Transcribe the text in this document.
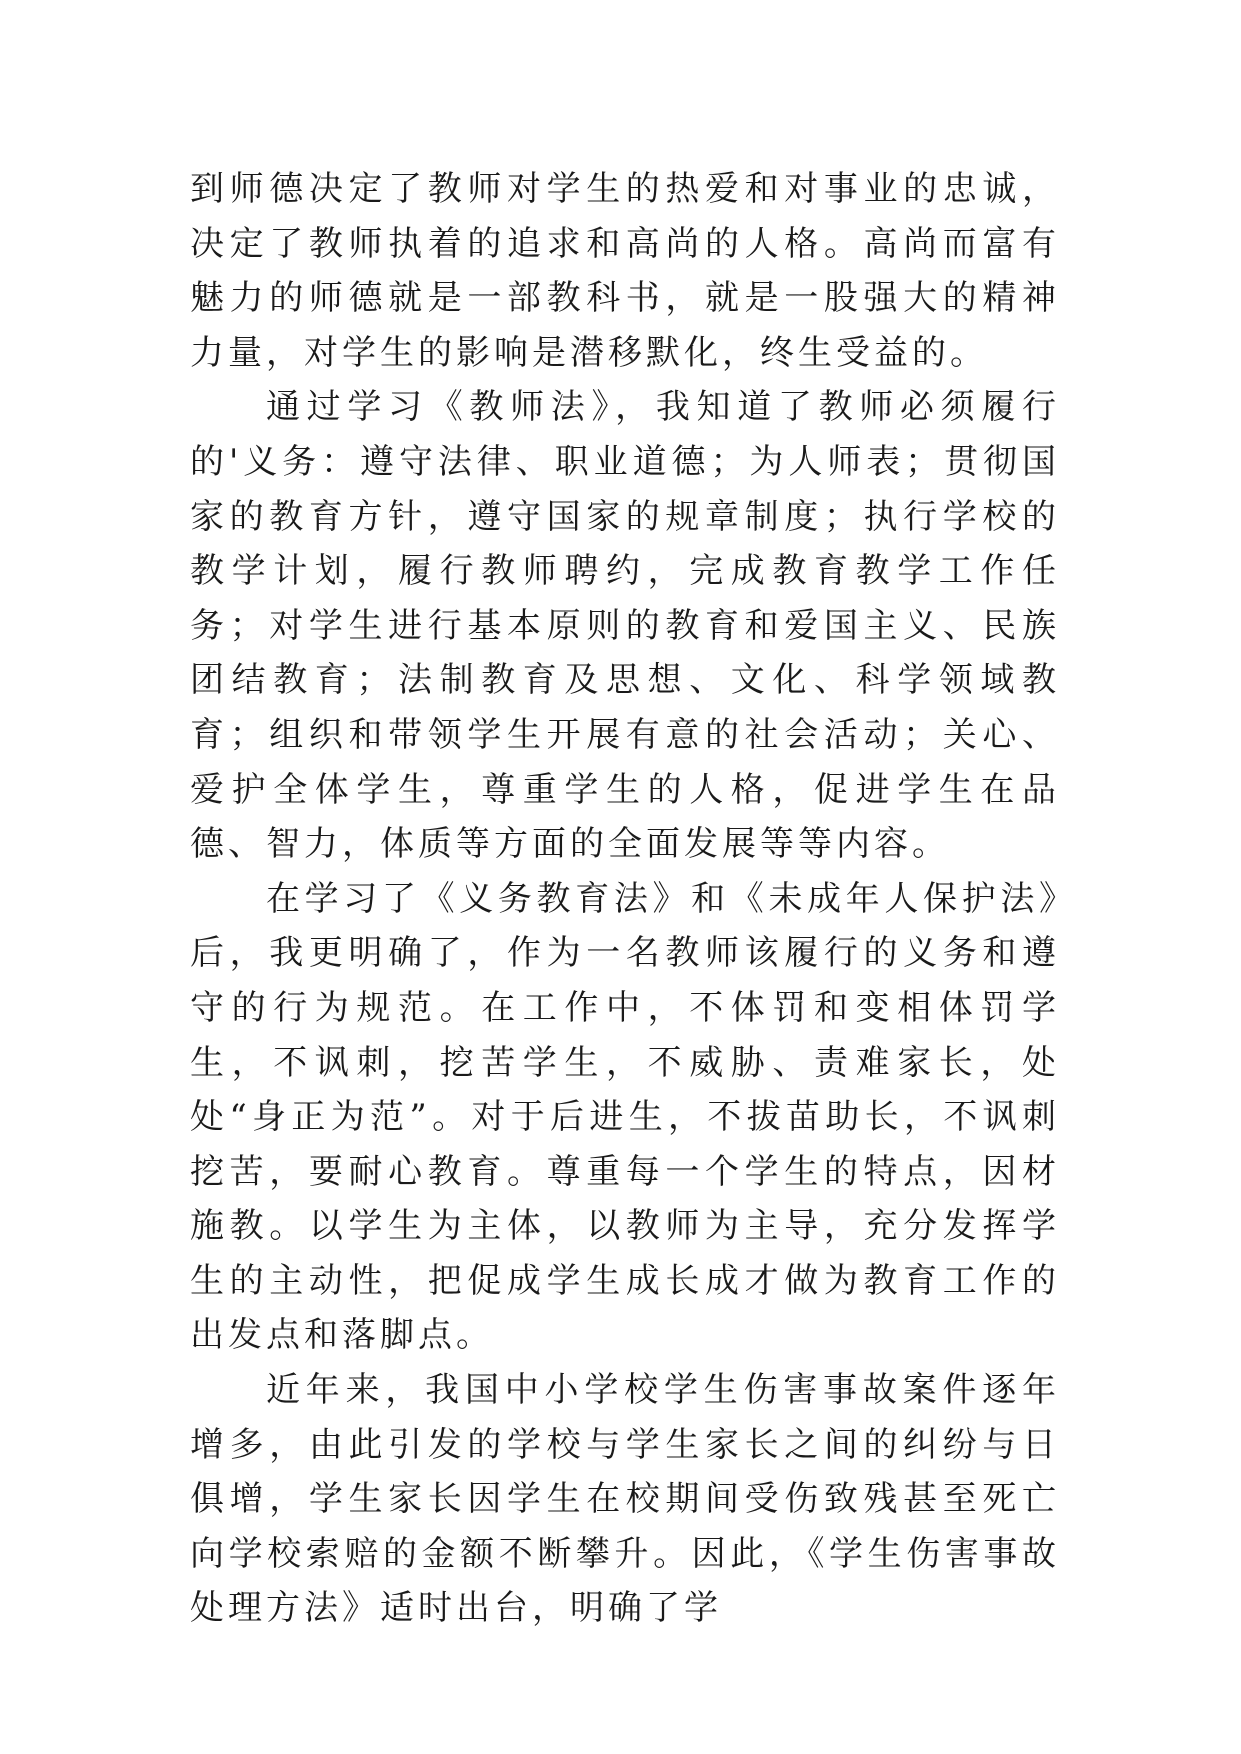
到师德决定了教师对学生的热爱和对事业的忠诚，决定了教师执着的追求和高尚的人格。高尚而富有魅力的师德就是一部教科书，就是一股强大的精神力量，对学生的影响是潜移默化，终生受益的。

通过学习《教师法》，我知道了教师必须履行的'义务：遵守法律、职业道德；为人师表；贯彻国家的教育方针，遵守国家的规章制度；执行学校的教学计划，履行教师聘约，完成教育教学工作任务；对学生进行基本原则的教育和爱国主义、民族团结教育；法制教育及思想、文化、科学领域教育；组织和带领学生开展有意的社会活动；关心、爱护全体学生，尊重学生的人格，促进学生在品德、智力，体质等方面的全面发展等等内容。

在学习了《义务教育法》和《未成年人保护法》后，我更明确了，作为一名教师该履行的义务和遵守的行为规范。在工作中，不体罚和变相体罚学生，不讽刺，挖苦学生，不威胁、责难家长，处处“身正为范”。对于后进生，不拔苗助长，不讽刺挖苦，要耐心教育。尊重每一个学生的特点，因材施教。以学生为主体，以教师为主导，充分发挥学生的主动性，把促成学生成长成才做为教育工作的出发点和落脚点。

近年来，我国中小学校学生伤害事故案件逐年增多，由此引发的学校与学生家长之间的纠纷与日俱增，学生家长因学生在校期间受伤致残甚至死亡向学校索赔的金额不断攀升。因此，《学生伤害事故处理方法》适时出台，明确了学
